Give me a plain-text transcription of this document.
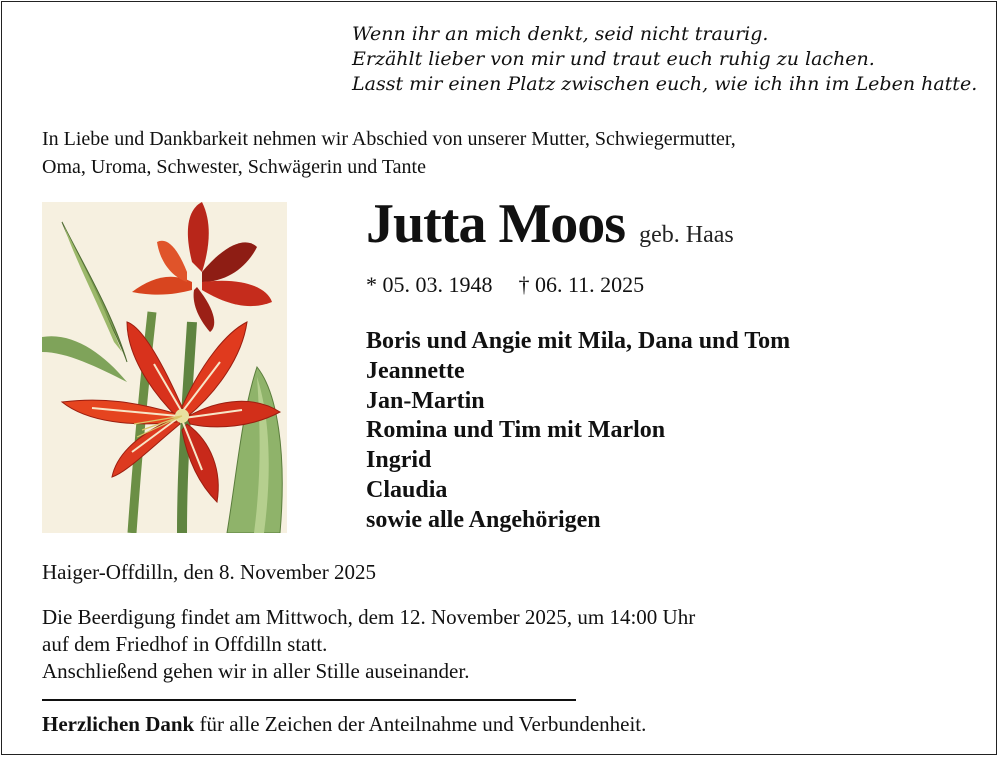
Wenn ihr an mich denkt, seid nicht traurig.
Erzählt lieber von mir und traut euch ruhig zu lachen.
Lasst mir einen Platz zwischen euch, wie ich ihn im Leben hatte.
In Liebe und Dankbarkeit nehmen wir Abschied von unserer Mutter, Schwiegermutter,
Oma, Uroma, Schwester, Schwägerin und Tante
Jutta Moos geb. Haas
* 05. 03. 1948 † 06. 11. 2025
Boris und Angie mit Mila, Dana und Tom
Jeannette
Jan-Martin
Romina und Tim mit Marlon
Ingrid
Claudia
sowie alle Angehörigen
Haiger-Offdilln, den 8. November 2025
Die Beerdigung findet am Mittwoch, dem 12. November 2025, um 14:00 Uhr
auf dem Friedhof in Offdilln statt.
Anschließend gehen wir in aller Stille auseinander.
Herzlichen Dank für alle Zeichen der Anteilnahme und Verbundenheit.
